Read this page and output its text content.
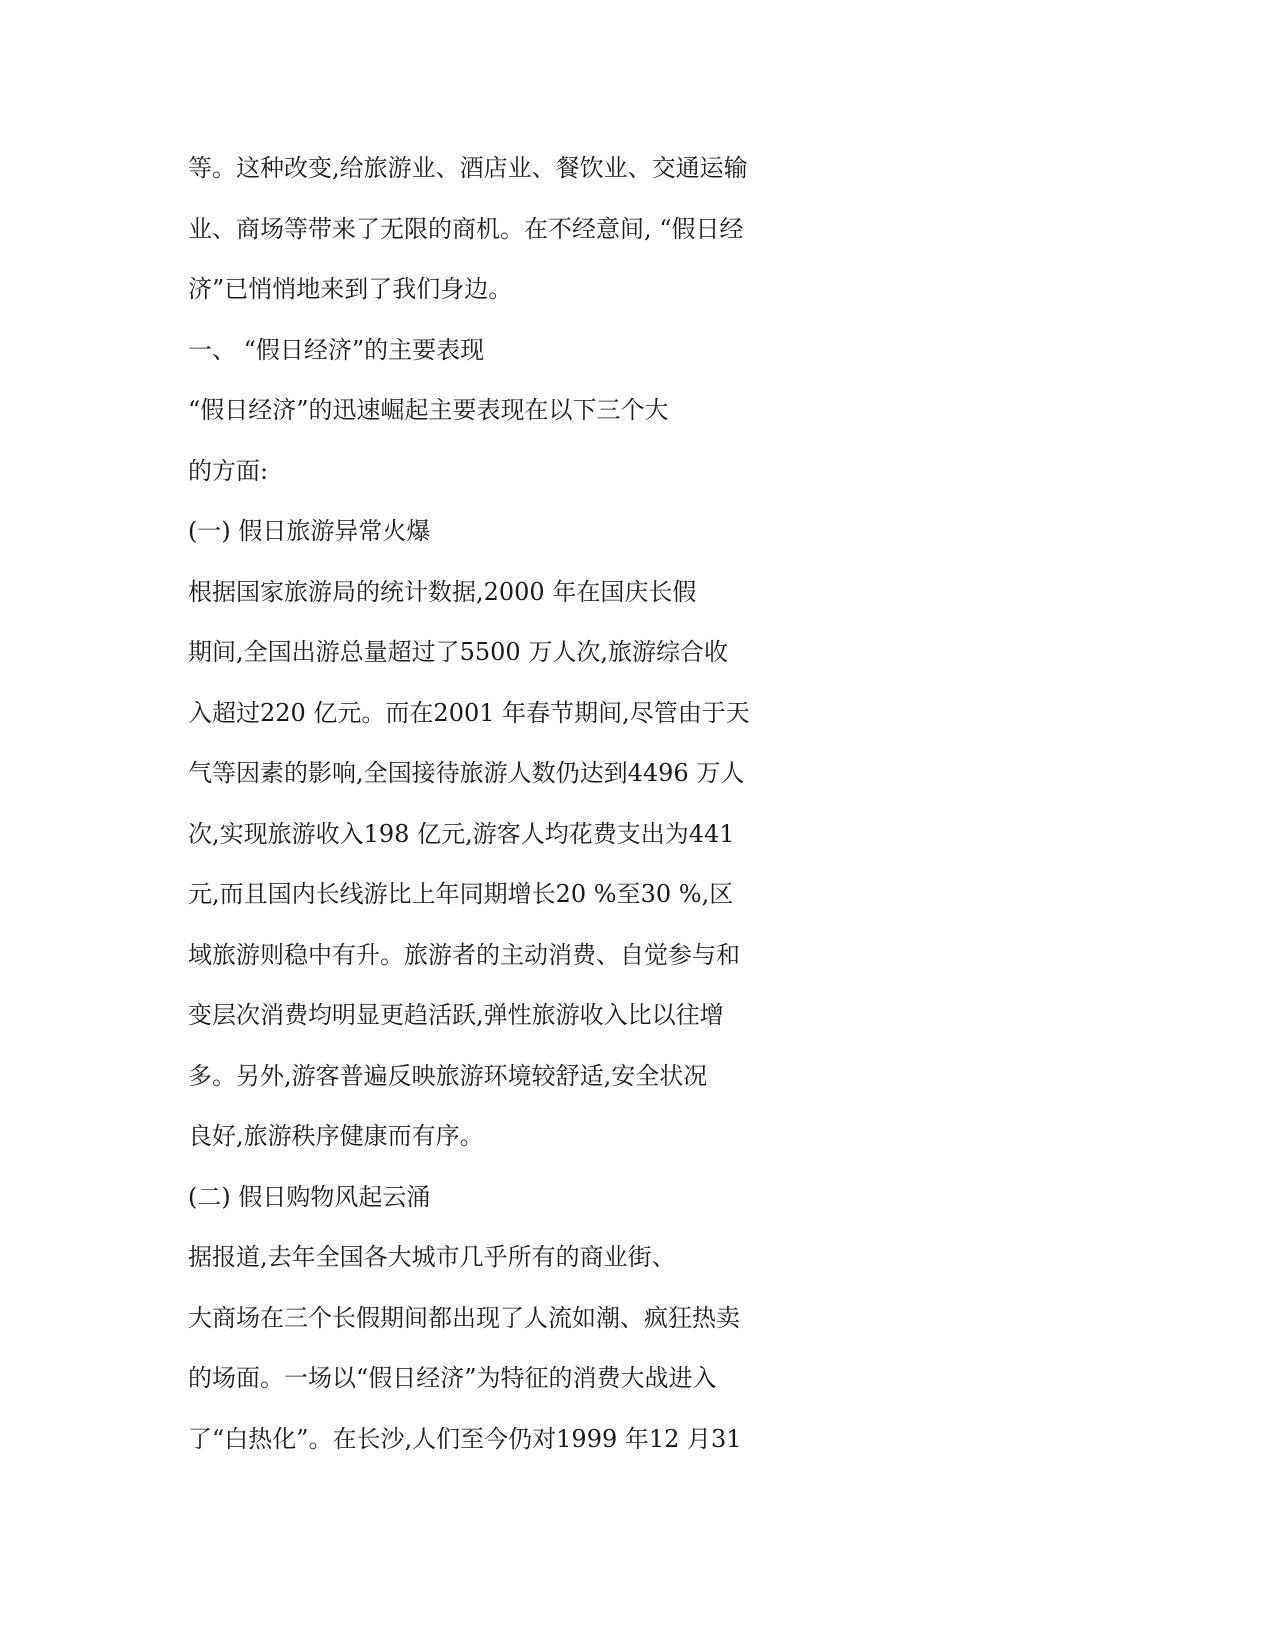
等。这种改变,给旅游业、酒店业、餐饮业、交通运输
业、商场等带来了无限的商机。在不经意间, “假日经
济”已悄悄地来到了我们身边。
一、 “假日经济”的主要表现
“假日经济”的迅速崛起主要表现在以下三个大
的方面:
(一) 假日旅游异常火爆
根据国家旅游局的统计数据,2000 年在国庆长假
期间,全国出游总量超过了5500 万人次,旅游综合收
入超过220 亿元。而在2001 年春节期间,尽管由于天
气等因素的影响,全国接待旅游人数仍达到4496 万人
次,实现旅游收入198 亿元,游客人均花费支出为441
元,而且国内长线游比上年同期增长20 %至30 %,区
域旅游则稳中有升。旅游者的主动消费、自觉参与和
变层次消费均明显更趋活跃,弹性旅游收入比以往增
多。另外,游客普遍反映旅游环境较舒适,安全状况
良好,旅游秩序健康而有序。
(二) 假日购物风起云涌
据报道,去年全国各大城市几乎所有的商业街、
大商场在三个长假期间都出现了人流如潮、疯狂热卖
的场面。一场以“假日经济”为特征的消费大战进入
了“白热化”。在长沙,人们至今仍对1999 年12 月31
